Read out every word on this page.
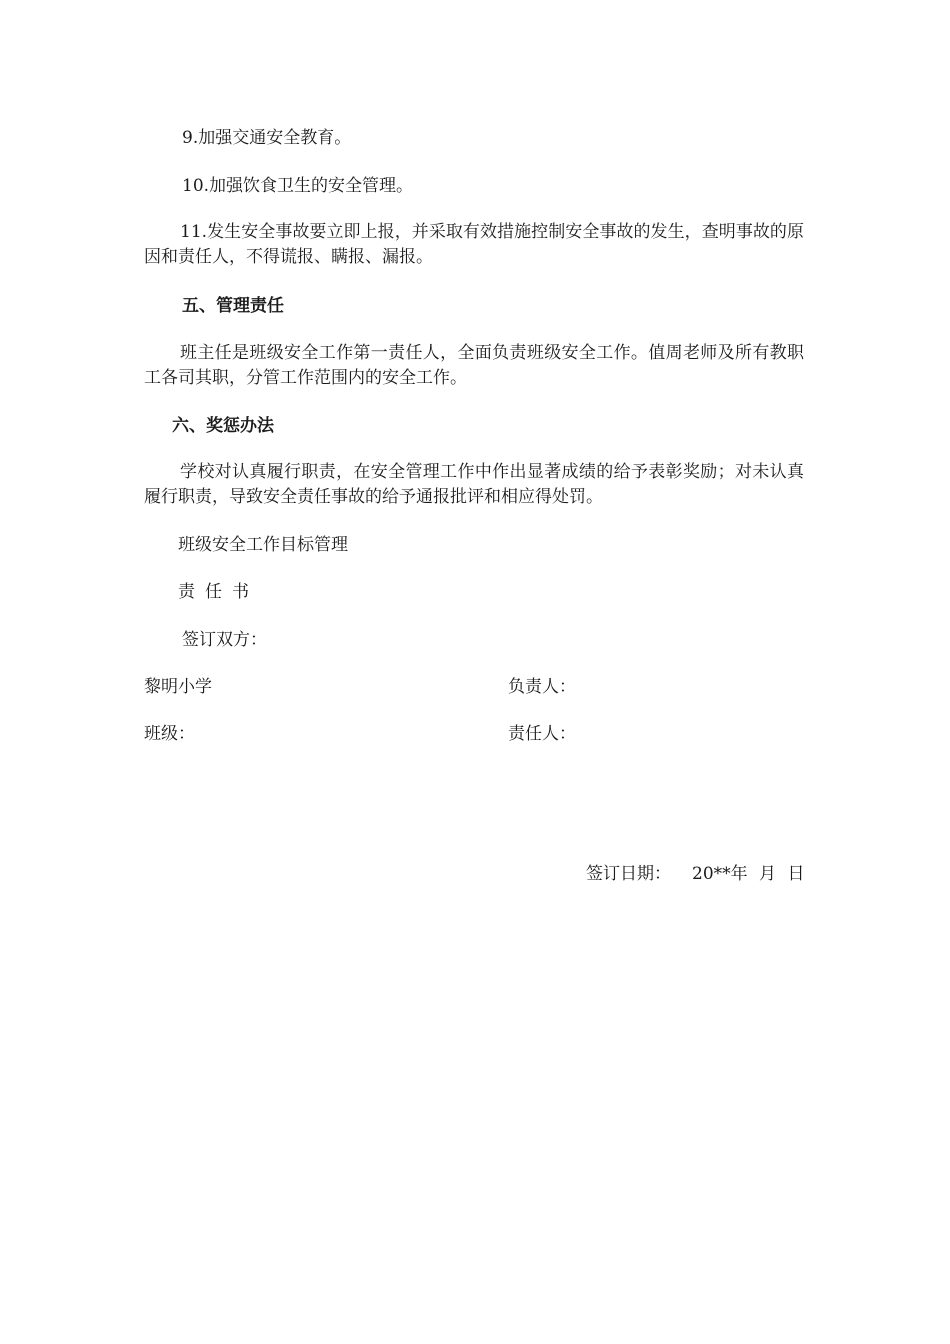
9.加强交通安全教育。

10.加强饮食卫生的安全管理。

11.发生安全事故要立即上报，并采取有效措施控制安全事故的发生，查明事故的原因和责任人，不得谎报、瞒报、漏报。

五、管理责任

班主任是班级安全工作第一责任人，全面负责班级安全工作。值周老师及所有教职工各司其职，分管工作范围内的安全工作。

六、奖惩办法

学校对认真履行职责，在安全管理工作中作出显著成绩的给予表彰奖励；对未认真履行职责，导致安全责任事故的给予通报批评和相应得处罚。

班级安全工作目标管理

责任书

签订双方：

黎明小学	负责人：

班级：	责任人：

签订日期： 20**年 月 日
